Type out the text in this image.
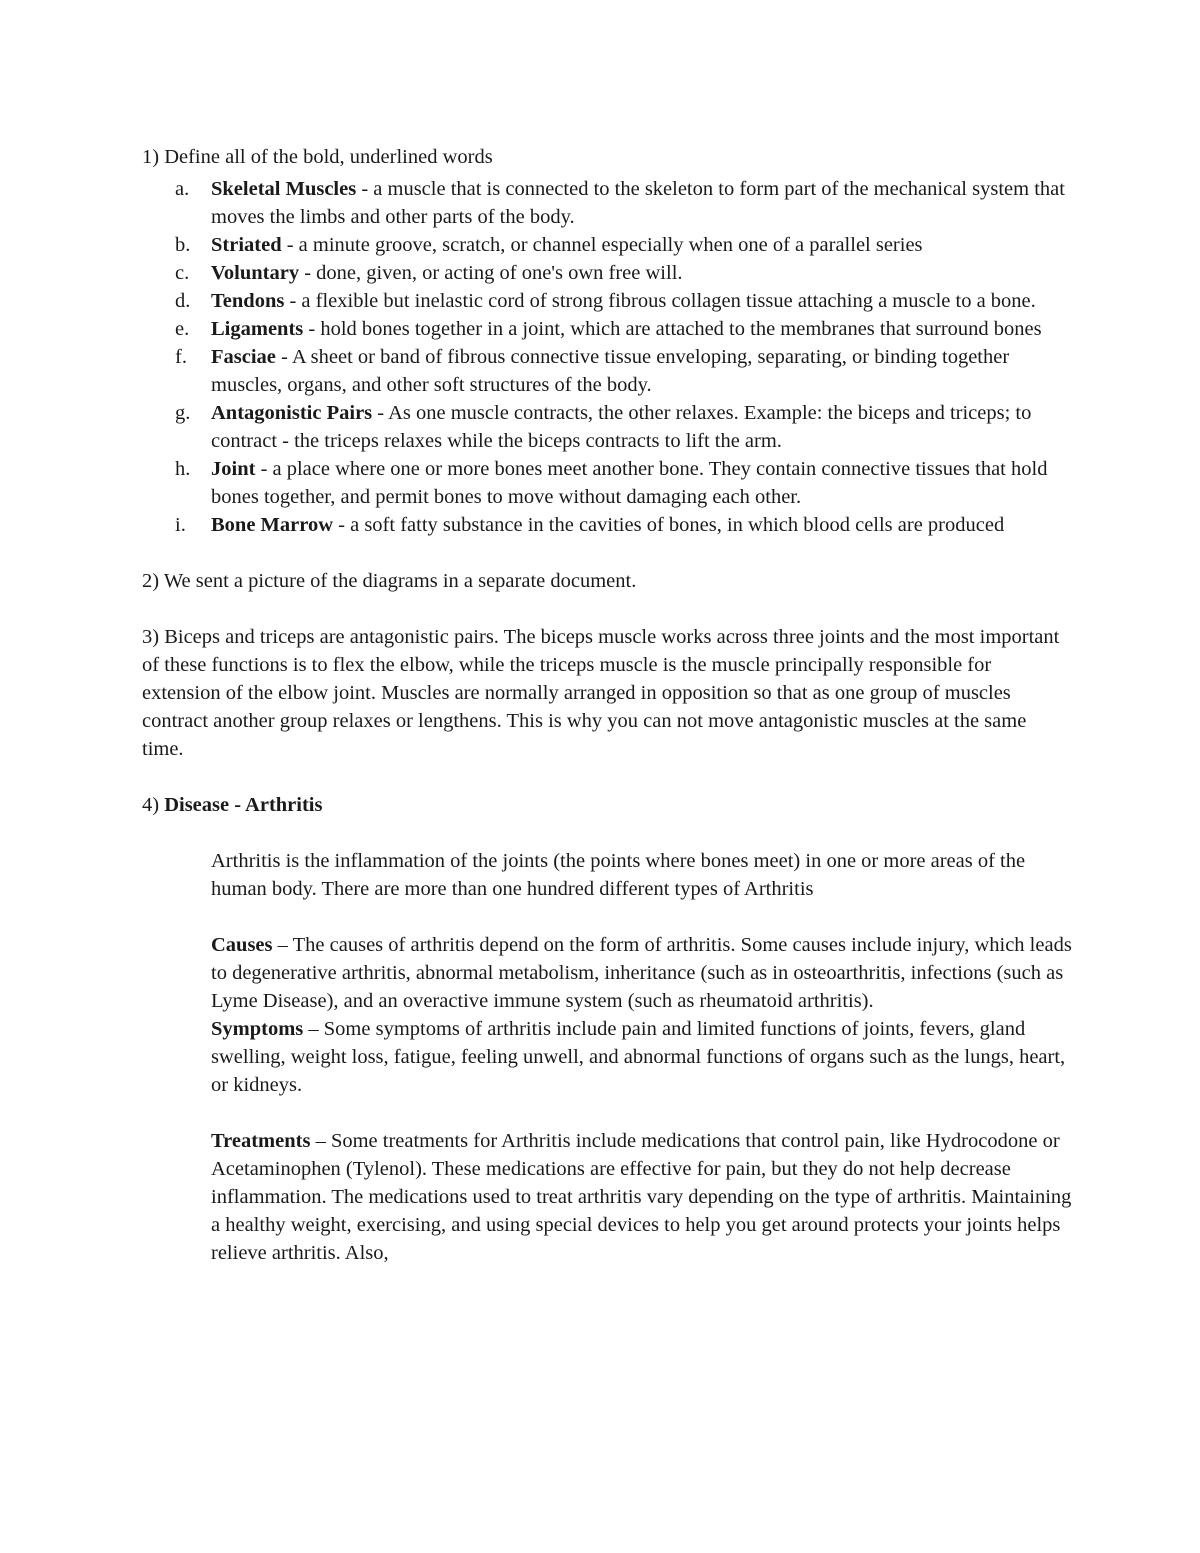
1) Define all of the bold, underlined words

a. Skeletal Muscles - a muscle that is connected to the skeleton to form part of the mechanical system that moves the limbs and other parts of the body.
b. Striated - a minute groove, scratch, or channel especially when one of a parallel series
c. Voluntary - done, given, or acting of one's own free will.
d. Tendons - a flexible but inelastic cord of strong fibrous collagen tissue attaching a muscle to a bone.
e. Ligaments - hold bones together in a joint, which are attached to the membranes that surround bones
f. Fasciae - A sheet or band of fibrous connective tissue enveloping, separating, or binding together muscles, organs, and other soft structures of the body.
g. Antagonistic Pairs - As one muscle contracts, the other relaxes. Example: the biceps and triceps; to contract - the triceps relaxes while the biceps contracts to lift the arm.
h. Joint - a place where one or more bones meet another bone. They contain connective tissues that hold bones together, and permit bones to move without damaging each other.
i. Bone Marrow - a soft fatty substance in the cavities of bones, in which blood cells are produced

2) We sent a picture of the diagrams in a separate document.

3) Biceps and triceps are antagonistic pairs. The biceps muscle works across three joints and the most important of these functions is to flex the elbow, while the triceps muscle is the muscle principally responsible for extension of the elbow joint. Muscles are normally arranged in opposition so that as one group of muscles contract another group relaxes or lengthens. This is why you can not move antagonistic muscles at the same time.

4) Disease - Arthritis

Arthritis is the inflammation of the joints (the points where bones meet) in one or more areas of the human body. There are more than one hundred different types of Arthritis

Causes – The causes of arthritis depend on the form of arthritis. Some causes include injury, which leads to degenerative arthritis, abnormal metabolism, inheritance (such as in osteoarthritis, infections (such as Lyme Disease), and an overactive immune system (such as rheumatoid arthritis).

Symptoms – Some symptoms of arthritis include pain and limited functions of joints, fevers, gland swelling, weight loss, fatigue, feeling unwell, and abnormal functions of organs such as the lungs, heart, or kidneys.

Treatments – Some treatments for Arthritis include medications that control pain, like Hydrocodone or Acetaminophen (Tylenol). These medications are effective for pain, but they do not help decrease inflammation. The medications used to treat arthritis vary depending on the type of arthritis. Maintaining a healthy weight, exercising, and using special devices to help you get around protects your joints helps relieve arthritis. Also,
